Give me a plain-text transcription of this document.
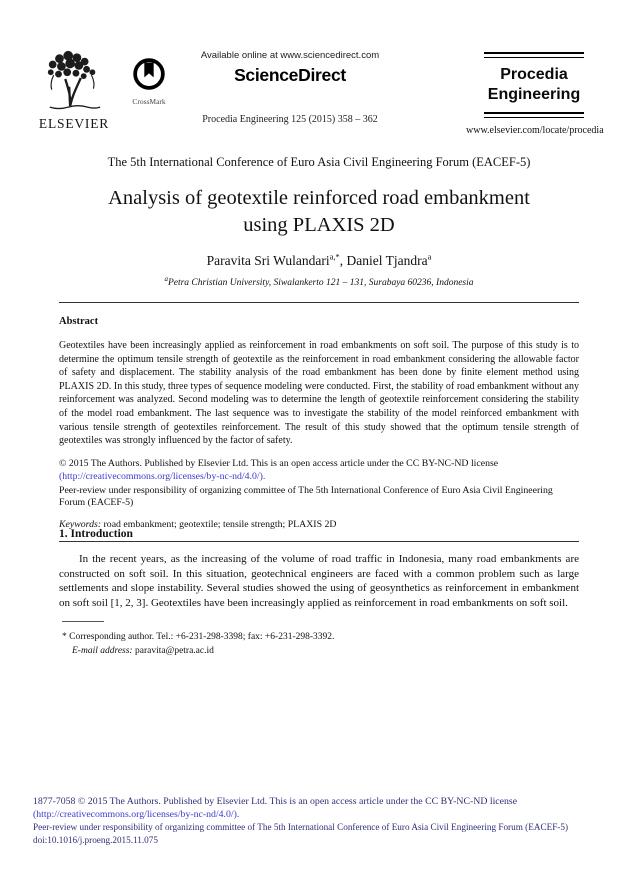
ELSEVIER
CrossMark
Available online at www.sciencedirect.com
ScienceDirect
Procedia Engineering 125 (2015) 358 – 362
Procedia
Engineering
www.elsevier.com/locate/procedia
The 5th International Conference of Euro Asia Civil Engineering Forum (EACEF-5)
Analysis of geotextile reinforced road embankment
using PLAXIS 2D
Paravita Sri Wulandari$^{a,*}$, Daniel Tjandra$^a$
$^a$Petra Christian University, Siwalankerto 121 – 131, Surabaya 60236, Indonesia
Abstract

Geotextiles have been increasingly applied as reinforcement in road embankments on soft soil. The purpose of this study is to determine the optimum tensile strength of geotextile as the reinforcement in road embankment considering the allowable factor of safety and displacement. The stability analysis of the road embankment has been done by finite element method using PLAXIS 2D. In this study, three types of sequence modeling were conducted. First, the stability of road embankment without any reinforcement was analyzed. Second modeling was to determine the length of geotextile reinforcement considering the stability of the model road embankment. The last sequence was to investigate the stability of the model reinforced embankment with various tensile strength of geotextiles reinforcement. The result of this study showed that the optimum tensile strength of geotextiles was strongly influenced by the factor of safety.

© 2015 The Authors. Published by Elsevier Ltd. This is an open access article under the CC BY-NC-ND license
(http://creativecommons.org/licenses/by-nc-nd/4.0/).
Peer-review under responsibility of organizing committee of The 5th International Conference of Euro Asia Civil Engineering Forum (EACEF-5)
Keywords: road embankment; geotextile; tensile strength; PLAXIS 2D
1. Introduction

In the recent years, as the increasing of the volume of road traffic in Indonesia, many road embankments are constructed on soft soil. In this situation, geotechnical engineers are faced with a common problem such as large settlements and slope instability. Several studies showed the using of geosynthetics as reinforcement in embankment on soft soil [1, 2, 3]. Geotextiles have been increasingly applied as reinforcement in road embankments on soft soil.

* Corresponding author. Tel.: +6-231-298-3398; fax: +6-231-298-3392.
E-mail address: paravita@petra.ac.id
1877-7058 © 2015 The Authors. Published by Elsevier Ltd. This is an open access article under the CC BY-NC-ND license
(http://creativecommons.org/licenses/by-nc-nd/4.0/).
Peer-review under responsibility of organizing committee of The 5th International Conference of Euro Asia Civil Engineering Forum (EACEF-5)
doi:10.1016/j.proeng.2015.11.075
